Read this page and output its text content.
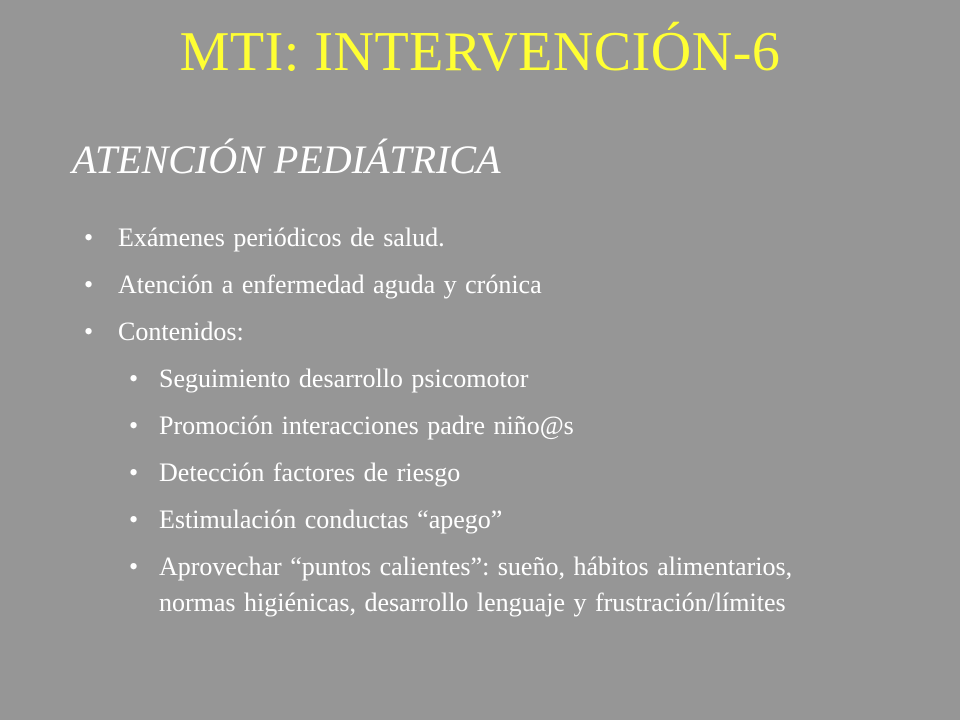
MTI: INTERVENCIÓN-6
ATENCIÓN PEDIÁTRICA
• Exámenes periódicos de salud.
• Atención a enfermedad aguda y crónica
• Contenidos:
• Seguimiento desarrollo psicomotor
• Promoción interacciones padre niño@s
• Detección factores de riesgo
• Estimulación conductas “apego”
• Aprovechar “puntos calientes”: sueño, hábitos alimentarios, normas higiénicas, desarrollo lenguaje y frustración/límites
